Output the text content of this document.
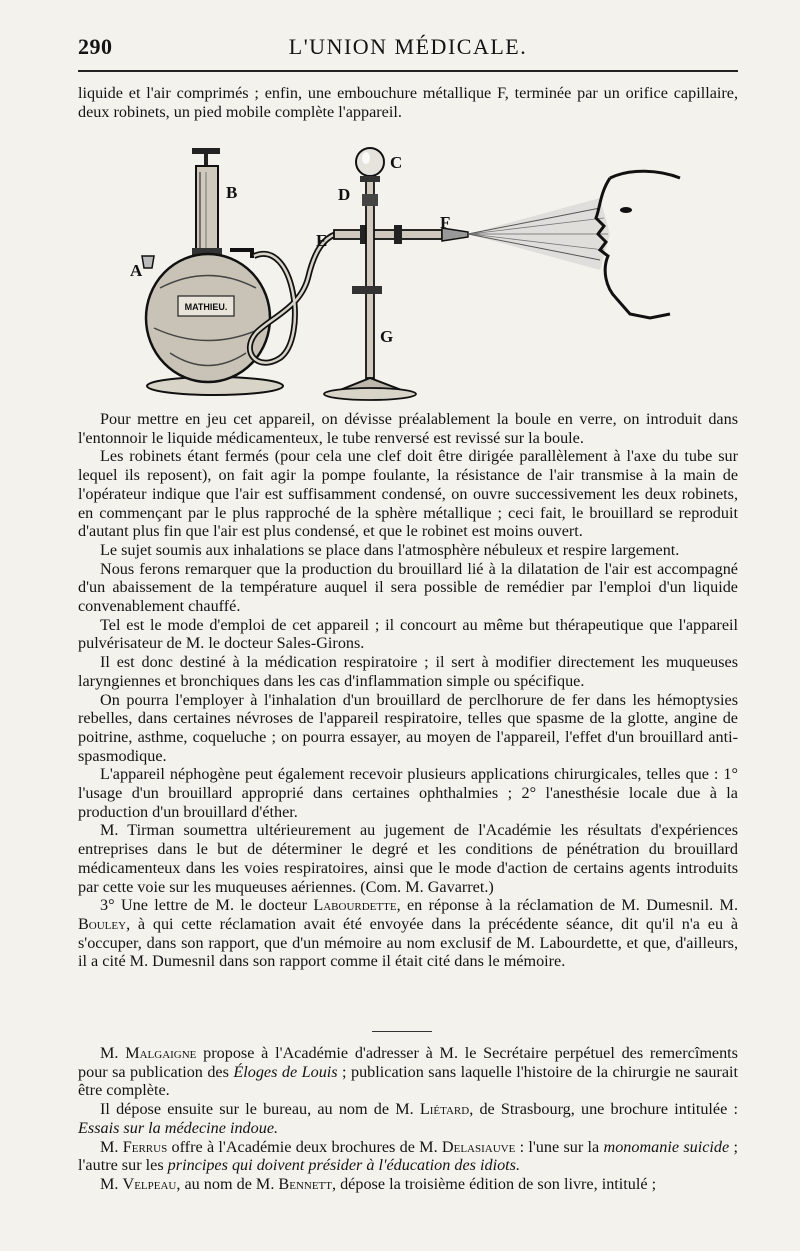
290	L'UNION MÉDICALE.

liquide et l'air comprimés ; enfin, une embouchure métallique F, terminée par un orifice capillaire, deux robinets, un pied mobile complète l'appareil.

MATHIEU.
A
B
C
D
E
F
G

Pour mettre en jeu cet appareil, on dévisse préalablement la boule en verre, on introduit dans l'entonnoir le liquide médicamenteux, le tube renversé est revissé sur la boule.

Les robinets étant fermés (pour cela une clef doit être dirigée parallèlement à l'axe du tube sur lequel ils reposent), on fait agir la pompe foulante, la résistance de l'air transmise à la main de l'opérateur indique que l'air est suffisamment condensé, on ouvre successivement les deux robinets, en commençant par le plus rapproché de la sphère métallique ; ceci fait, le brouillard se reproduit d'autant plus fin que l'air est plus condensé, et que le robinet est moins ouvert.

Le sujet soumis aux inhalations se place dans l'atmosphère nébuleux et respire largement.

Nous ferons remarquer que la production du brouillard lié à la dilatation de l'air est accompagné d'un abaissement de la température auquel il sera possible de remédier par l'emploi d'un liquide convenablement chauffé.

Tel est le mode d'emploi de cet appareil ; il concourt au même but thérapeutique que l'appareil pulvérisateur de M. le docteur Sales-Girons.

Il est donc destiné à la médication respiratoire ; il sert à modifier directement les muqueuses laryngiennes et bronchiques dans les cas d'inflammation simple ou spécifique.

On pourra l'employer à l'inhalation d'un brouillard de perclhorure de fer dans les hémoptysies rebelles, dans certaines névroses de l'appareil respiratoire, telles que spasme de la glotte, angine de poitrine, asthme, coqueluche ; on pourra essayer, au moyen de l'appareil, l'effet d'un brouillard anti-spasmodique.

L'appareil néphogène peut également recevoir plusieurs applications chirurgicales, telles que : 1° l'usage d'un brouillard approprié dans certaines ophthalmies ; 2° l'anesthésie locale due à la production d'un brouillard d'éther.

M. Tirman soumettra ultérieurement au jugement de l'Académie les résultats d'expériences entreprises dans le but de déterminer le degré et les conditions de pénétration du brouillard médicamenteux dans les voies respiratoires, ainsi que le mode d'action de certains agents introduits par cette voie sur les muqueuses aériennes. (Com. M. Gavarret.)

3° Une lettre de M. le docteur Labourdette, en réponse à la réclamation de M. Dumesnil. M. Bouley, à qui cette réclamation avait été envoyée dans la précédente séance, dit qu'il n'a eu à s'occuper, dans son rapport, que d'un mémoire au nom exclusif de M. Labourdette, et que, d'ailleurs, il a cité M. Dumesnil dans son rapport comme il était cité dans le mémoire.

M. Malgaigne propose à l'Académie d'adresser à M. le Secrétaire perpétuel des remercîments pour sa publication des Éloges de Louis ; publication sans laquelle l'histoire de la chirurgie ne saurait être complète.

Il dépose ensuite sur le bureau, au nom de M. Liétard, de Strasbourg, une brochure intitulée : Essais sur la médecine indoue.

M. Ferrus offre à l'Académie deux brochures de M. Delasiauve : l'une sur la monomanie suicide ; l'autre sur les principes qui doivent présider à l'éducation des idiots.

M. Velpeau, au nom de M. Bennett, dépose la troisième édition de son livre, intitulé ;
